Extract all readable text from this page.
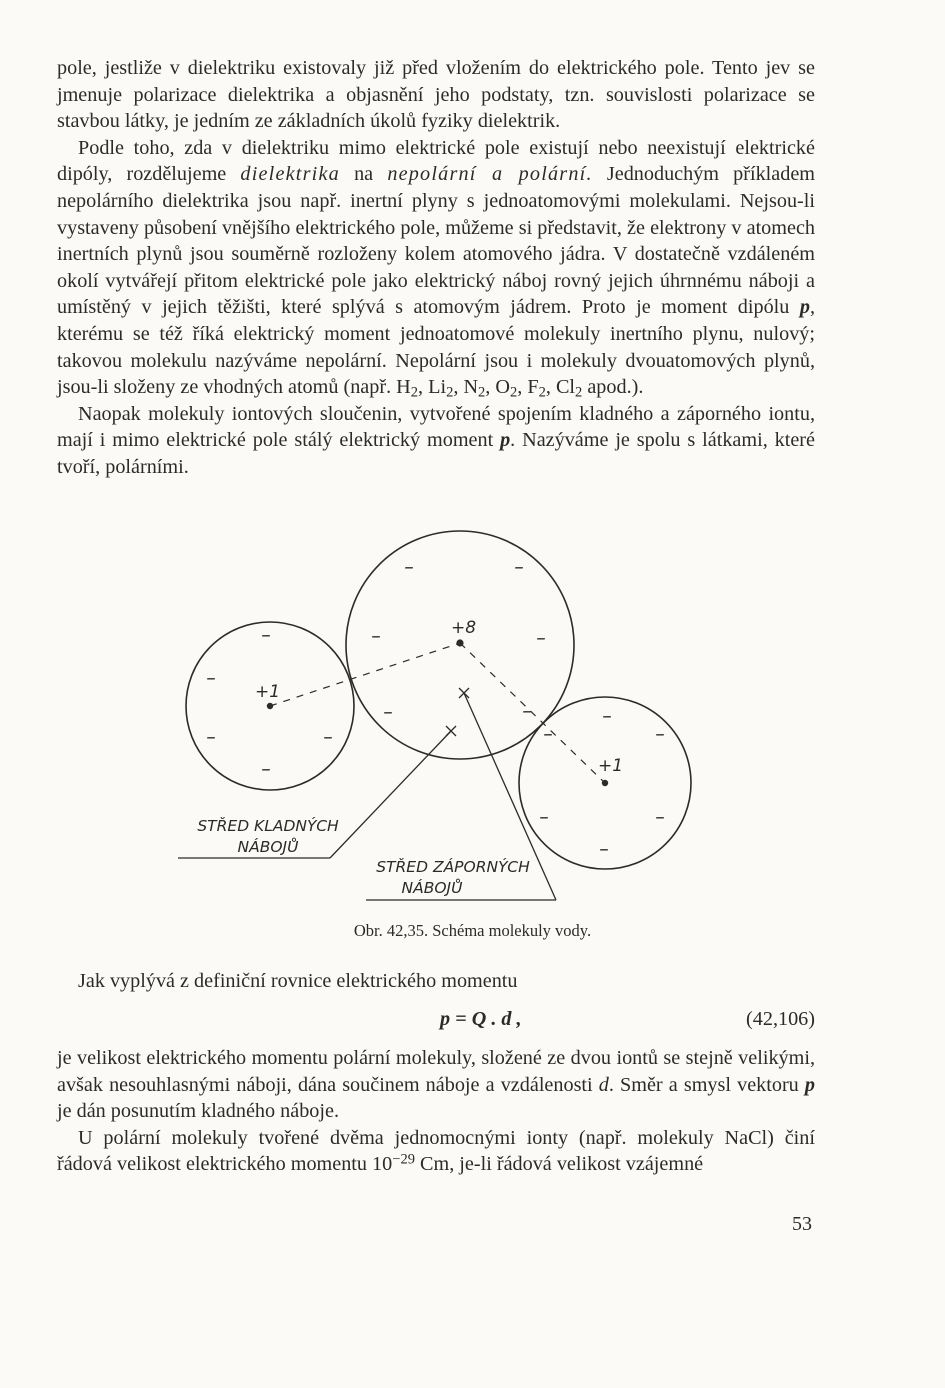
pole, jestliže v dielektriku existovaly již před vložením do elektrického pole. Tento jev se jmenuje polarizace dielektrika a objasnění jeho podstaty, tzn. souvislosti polarizace se stavbou látky, je jedním ze základních úkolů fyziky dielektrik.

Podle toho, zda v dielektriku mimo elektrické pole existují nebo neexistují elektrické dipóly, rozdělujeme dielektrika na nepolární a polární. Jednoduchým příkladem nepolárního dielektrika jsou např. inertní plyny s jednoatomovými molekulami. Nejsou-li vystaveny působení vnějšího elektrického pole, můžeme si představit, že elektrony v atomech inertních plynů jsou souměrně rozloženy kolem atomového jádra. V dostatečně vzdáleném okolí vytvářejí přitom elektrické pole jako elektrický náboj rovný jejich úhrnnému náboji a umístěný v jejich těžišti, které splývá s atomovým jádrem. Proto je moment dipólu p, kterému se též říká elektrický moment jednoatomové molekuly inertního plynu, nulový; takovou molekulu nazýváme nepolární. Nepolární jsou i molekuly dvouatomových plynů, jsou-li složeny ze vhodných atomů (např. $H_2$, $Li_2$, $N_2$, $O_2$, $F_2$, $Cl_2$ apod.).

Naopak molekuly iontových sloučenin, vytvořené spojením kladného a záporného iontu, mají i mimo elektrické pole stálý elektrický moment p. Nazýváme je spolu s látkami, které tvoří, polárními.

+8
+1
+1
–	–
–	–
–	–
–
–
–	–
–
–
–	–
–	–
–
STŘED KLADNÝCH
NÁBOJŮ
STŘED ZÁPORNÝCH
NÁBOJŮ
Obr. 42,35. Schéma molekuly vody.

Jak vyplývá z definiční rovnice elektrického momentu

p = Q . d ,	(42,106)

je velikost elektrického momentu polární molekuly, složené ze dvou iontů se stejně velikými, avšak nesouhlasnými náboji, dána součinem náboje a vzdálenosti d. Směr a smysl vektoru p je dán posunutím kladného náboje.

U polární molekuly tvořené dvěma jednomocnými ionty (např. molekuly NaCl) činí řádová velikost elektrického momentu $10^{-29}$ Cm, je-li řádová velikost vzájemné

53
